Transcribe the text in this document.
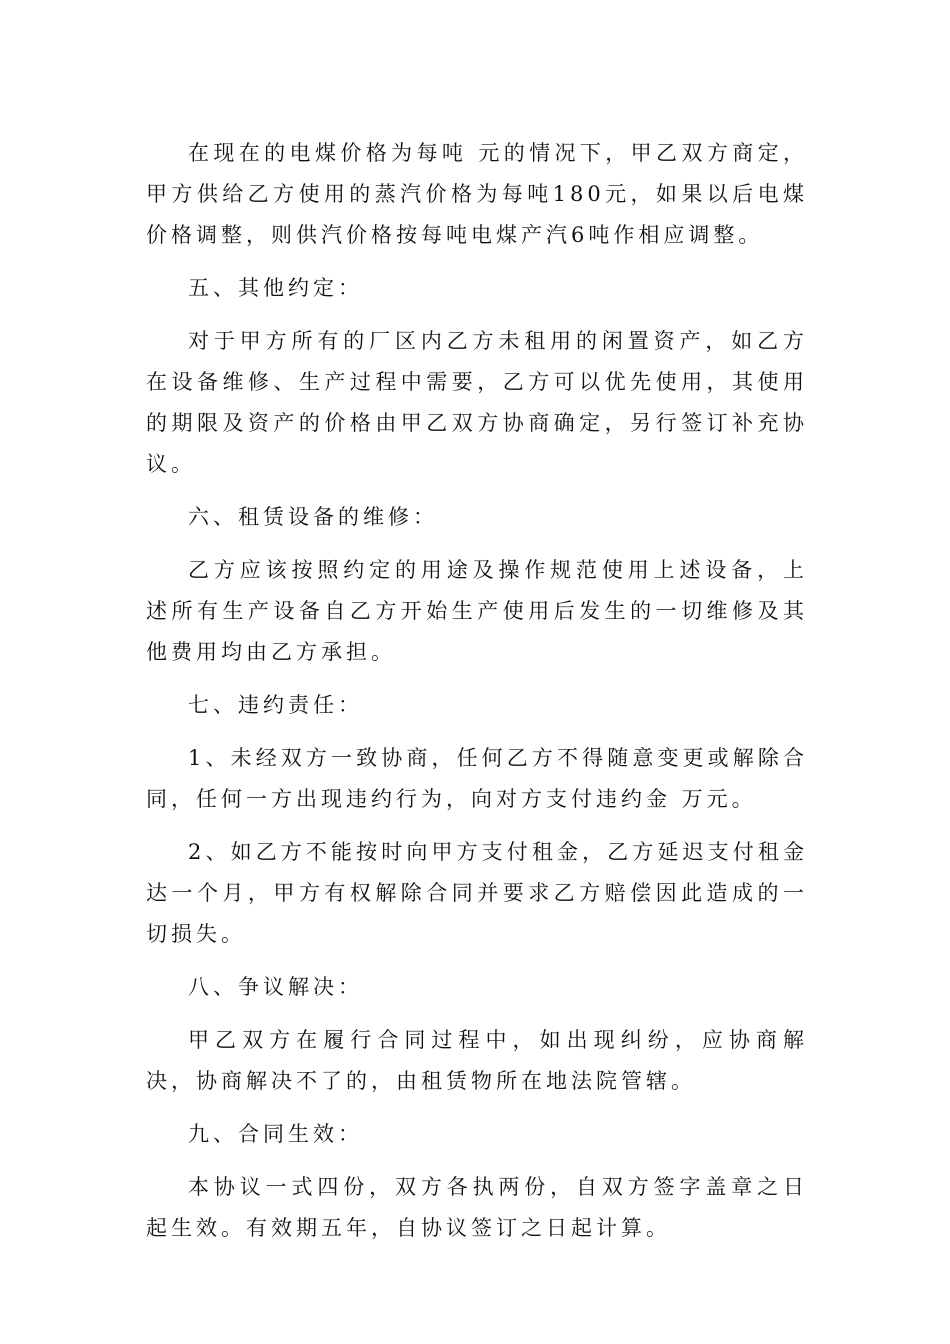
在现在的电煤价格为每吨 元的情况下，甲乙双方商定，甲方供给乙方使用的蒸汽价格为每吨180元，如果以后电煤价格调整，则供汽价格按每吨电煤产汽6吨作相应调整。

五、其他约定：

对于甲方所有的厂区内乙方未租用的闲置资产，如乙方在设备维修、生产过程中需要，乙方可以优先使用，其使用的期限及资产的价格由甲乙双方协商确定，另行签订补充协议。

六、租赁设备的维修：

乙方应该按照约定的用途及操作规范使用上述设备，上述所有生产设备自乙方开始生产使用后发生的一切维修及其他费用均由乙方承担。

七、违约责任：

1、未经双方一致协商，任何乙方不得随意变更或解除合同，任何一方出现违约行为，向对方支付违约金 万元。

2、如乙方不能按时向甲方支付租金，乙方延迟支付租金达一个月，甲方有权解除合同并要求乙方赔偿因此造成的一切损失。

八、争议解决：

甲乙双方在履行合同过程中，如出现纠纷，应协商解决，协商解决不了的，由租赁物所在地法院管辖。

九、合同生效：

本协议一式四份，双方各执两份，自双方签字盖章之日起生效。有效期五年，自协议签订之日起计算。
